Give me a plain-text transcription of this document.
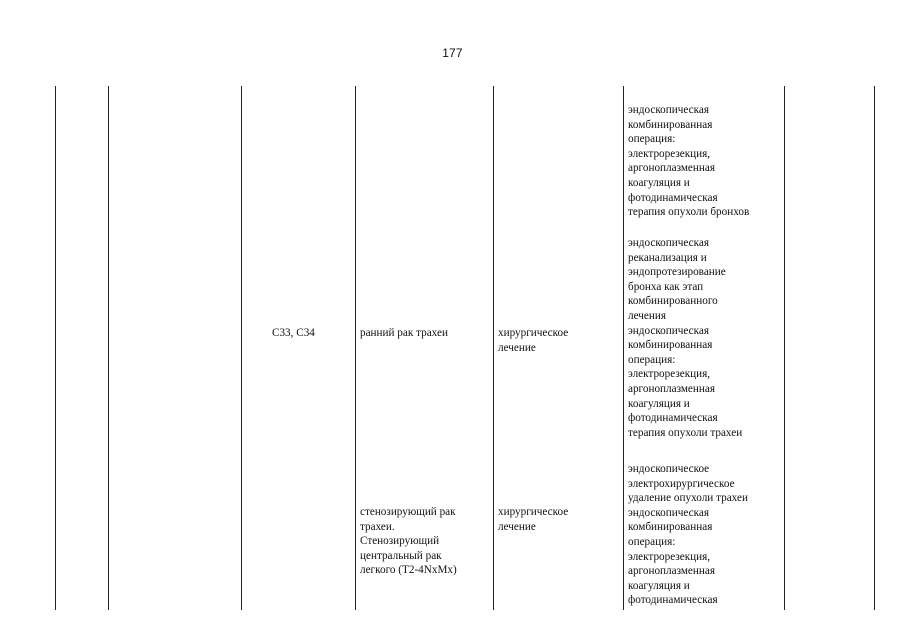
177
C33, C34	ранний рак трахеи	хирургическое
лечение
стенозирующий рак
трахеи.
Стенозирующий
центральный рак
легкого (T2-4NxMx)
хирургическое
лечение
эндоскопическая
комбинированная
операция:
электрорезекция,
аргоноплазменная
коагуляция и
фотодинамическая
терапия опухоли бронхов
эндоскопическая
реканализация и
эндопротезирование
бронха как этап
комбинированного
лечения
эндоскопическая
комбинированная
операция:
электрорезекция,
аргоноплазменная
коагуляция и
фотодинамическая
терапия опухоли трахеи
эндоскопическое
электрохирургическое
удаление опухоли трахеи
эндоскопическая
комбинированная
операция:
электрорезекция,
аргоноплазменная
коагуляция и
фотодинамическая
